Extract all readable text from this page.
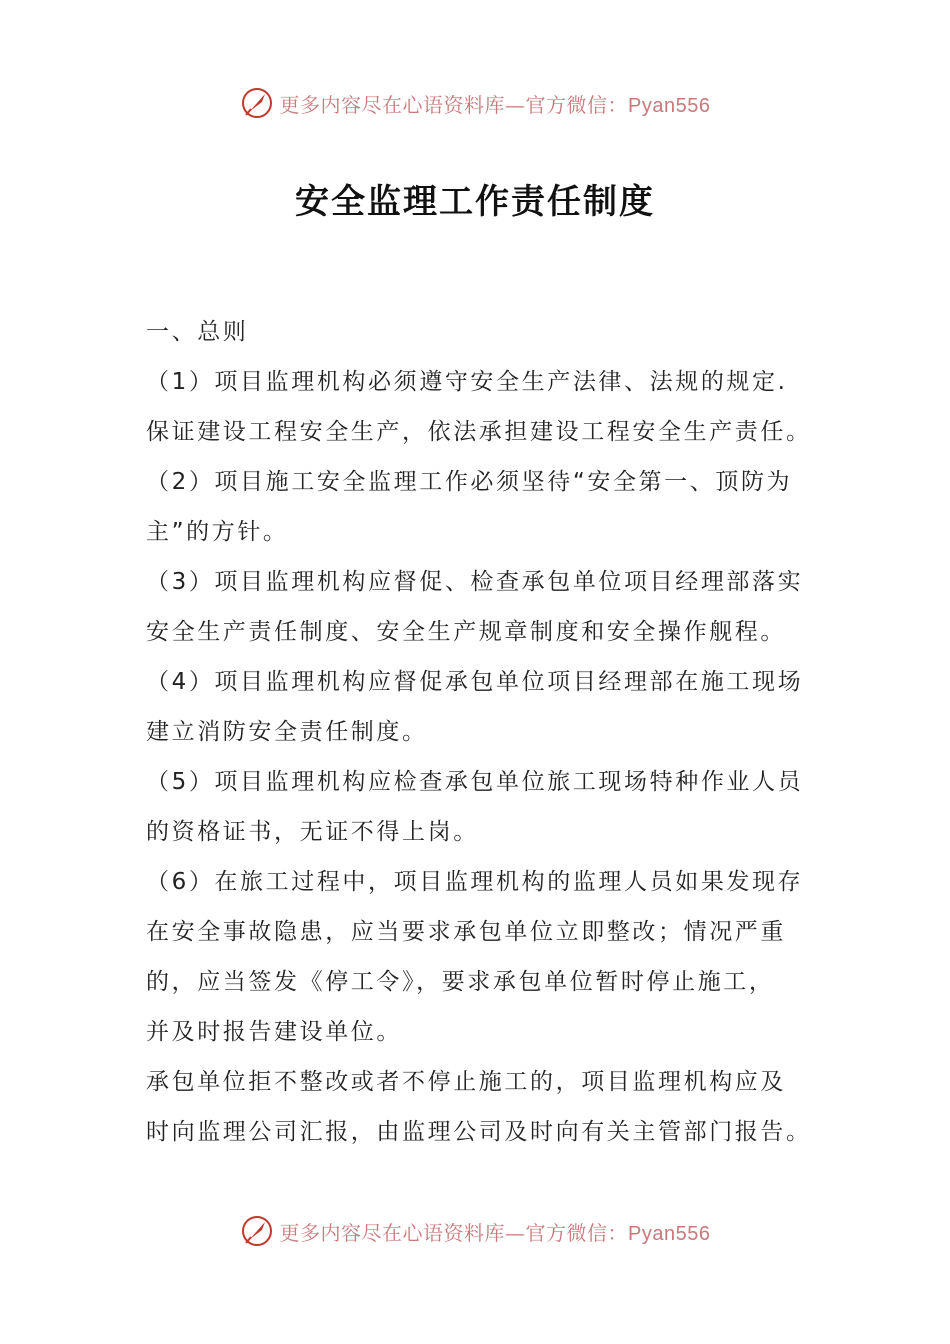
更多内容尽在心语资料库—官方微信：Pyan556
安全监理工作责任制度
一、总则
（1）项目监理机构必须遵守安全生产法律、法规的规定.
保证建设工程安全生产，依法承担建设工程安全生产责任。
（2）项目施工安全监理工作必须坚待“安全第一、顶防为
主”的方针。
（3）项目监理机构应督促、检查承包单位项目经理部落实
安全生产责任制度、安全生产规章制度和安全操作舰程。
（4）项目监理机构应督促承包单位项目经理部在施工现场
建立消防安全责任制度。
（5）项目监理机构应检查承包单位旅工现场特种作业人员
的资格证书，无证不得上岗。
（6）在旅工过程中，项目监理机构的监理人员如果发现存
在安全事故隐患，应当要求承包单位立即整改；情况严重
的，应当签发《停工令》，要求承包单位暂时停止施工，
并及时报告建设单位。
承包单位拒不整改或者不停止施工的，项目监理机构应及
时向监理公司汇报，由监理公司及时向有关主管部门报告。
更多内容尽在心语资料库—官方微信：Pyan556
